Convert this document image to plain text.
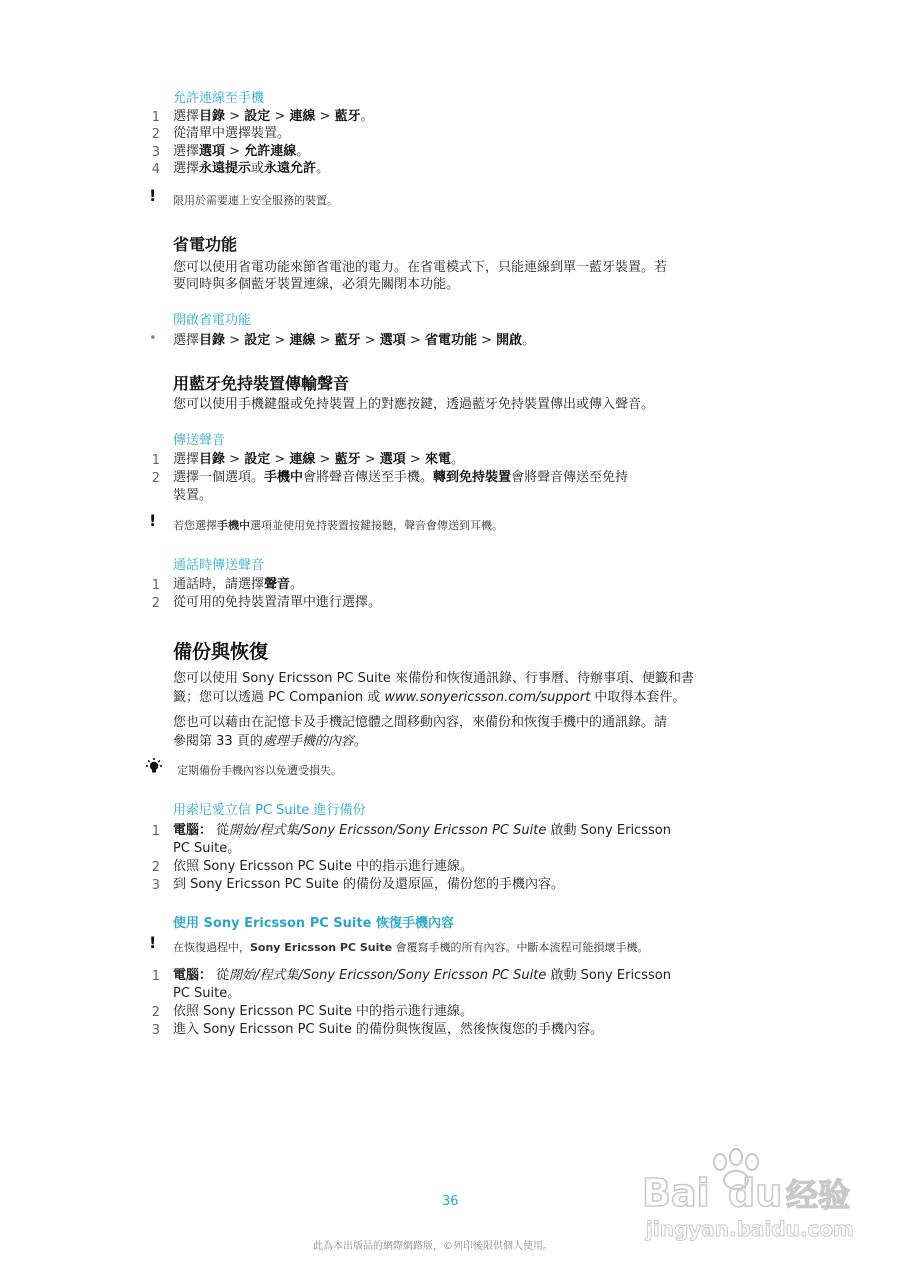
允許連線至手機
1 選擇目錄 > 設定 > 連線 > 藍牙。
2 從清單中選擇裝置。
3 選擇選項 > 允許連線。
4 選擇永遠提示或永遠允許。
! 限用於需要連上安全服務的裝置。
省電功能
您可以使用省電功能來節省電池的電力。在省電模式下，只能連線到單一藍牙裝置。若
要同時與多個藍牙裝置連線，必須先關閉本功能。
開啟省電功能
• 選擇目錄 > 設定 > 連線 > 藍牙 > 選項 > 省電功能 > 開啟。
用藍牙免持裝置傳輸聲音
您可以使用手機鍵盤或免持裝置上的對應按鍵，透過藍牙免持裝置傳出或傳入聲音。
傳送聲音
1 選擇目錄 > 設定 > 連線 > 藍牙 > 選項 > 來電。
2 選擇一個選項。手機中會將聲音傳送至手機。轉到免持裝置會將聲音傳送至免持
裝置。
! 若您選擇手機中選項並使用免持裝置按鍵接聽，聲音會傳送到耳機。
通話時傳送聲音
1 通話時，請選擇聲音。
2 從可用的免持裝置清單中進行選擇。
備份與恢復
您可以使用 Sony Ericsson PC Suite 來備份和恢復通訊錄、行事曆、待辦事項、便籤和書
籤；您可以透過 PC Companion 或 www.sonyericsson.com/support 中取得本套件。
您也可以藉由在記憶卡及手機記憶體之間移動內容，來備份和恢復手機中的通訊錄。請
參閱第 33 頁的處理手機的內容。
定期備份手機內容以免遭受損失。
用索尼愛立信 PC Suite 進行備份
1 電腦： 從開始/程式集/Sony Ericsson/Sony Ericsson PC Suite 啟動 Sony Ericsson
PC Suite。
2 依照 Sony Ericsson PC Suite 中的指示進行連線。
3 到 Sony Ericsson PC Suite 的備份及還原區，備份您的手機內容。
使用 Sony Ericsson PC Suite 恢復手機內容
! 在恢復過程中，Sony Ericsson PC Suite 會覆寫手機的所有內容。中斷本流程可能損壞手機。
1 電腦： 從開始/程式集/Sony Ericsson/Sony Ericsson PC Suite 啟動 Sony Ericsson
PC Suite。
2 依照 Sony Ericsson PC Suite 中的指示進行連線。
3 進入 Sony Ericsson PC Suite 的備份與恢復區，然後恢復您的手機內容。
36
此為本出版品的網際網路版，©列印後限供個人使用。
Bai du 经验
jingyan.baidu.com
